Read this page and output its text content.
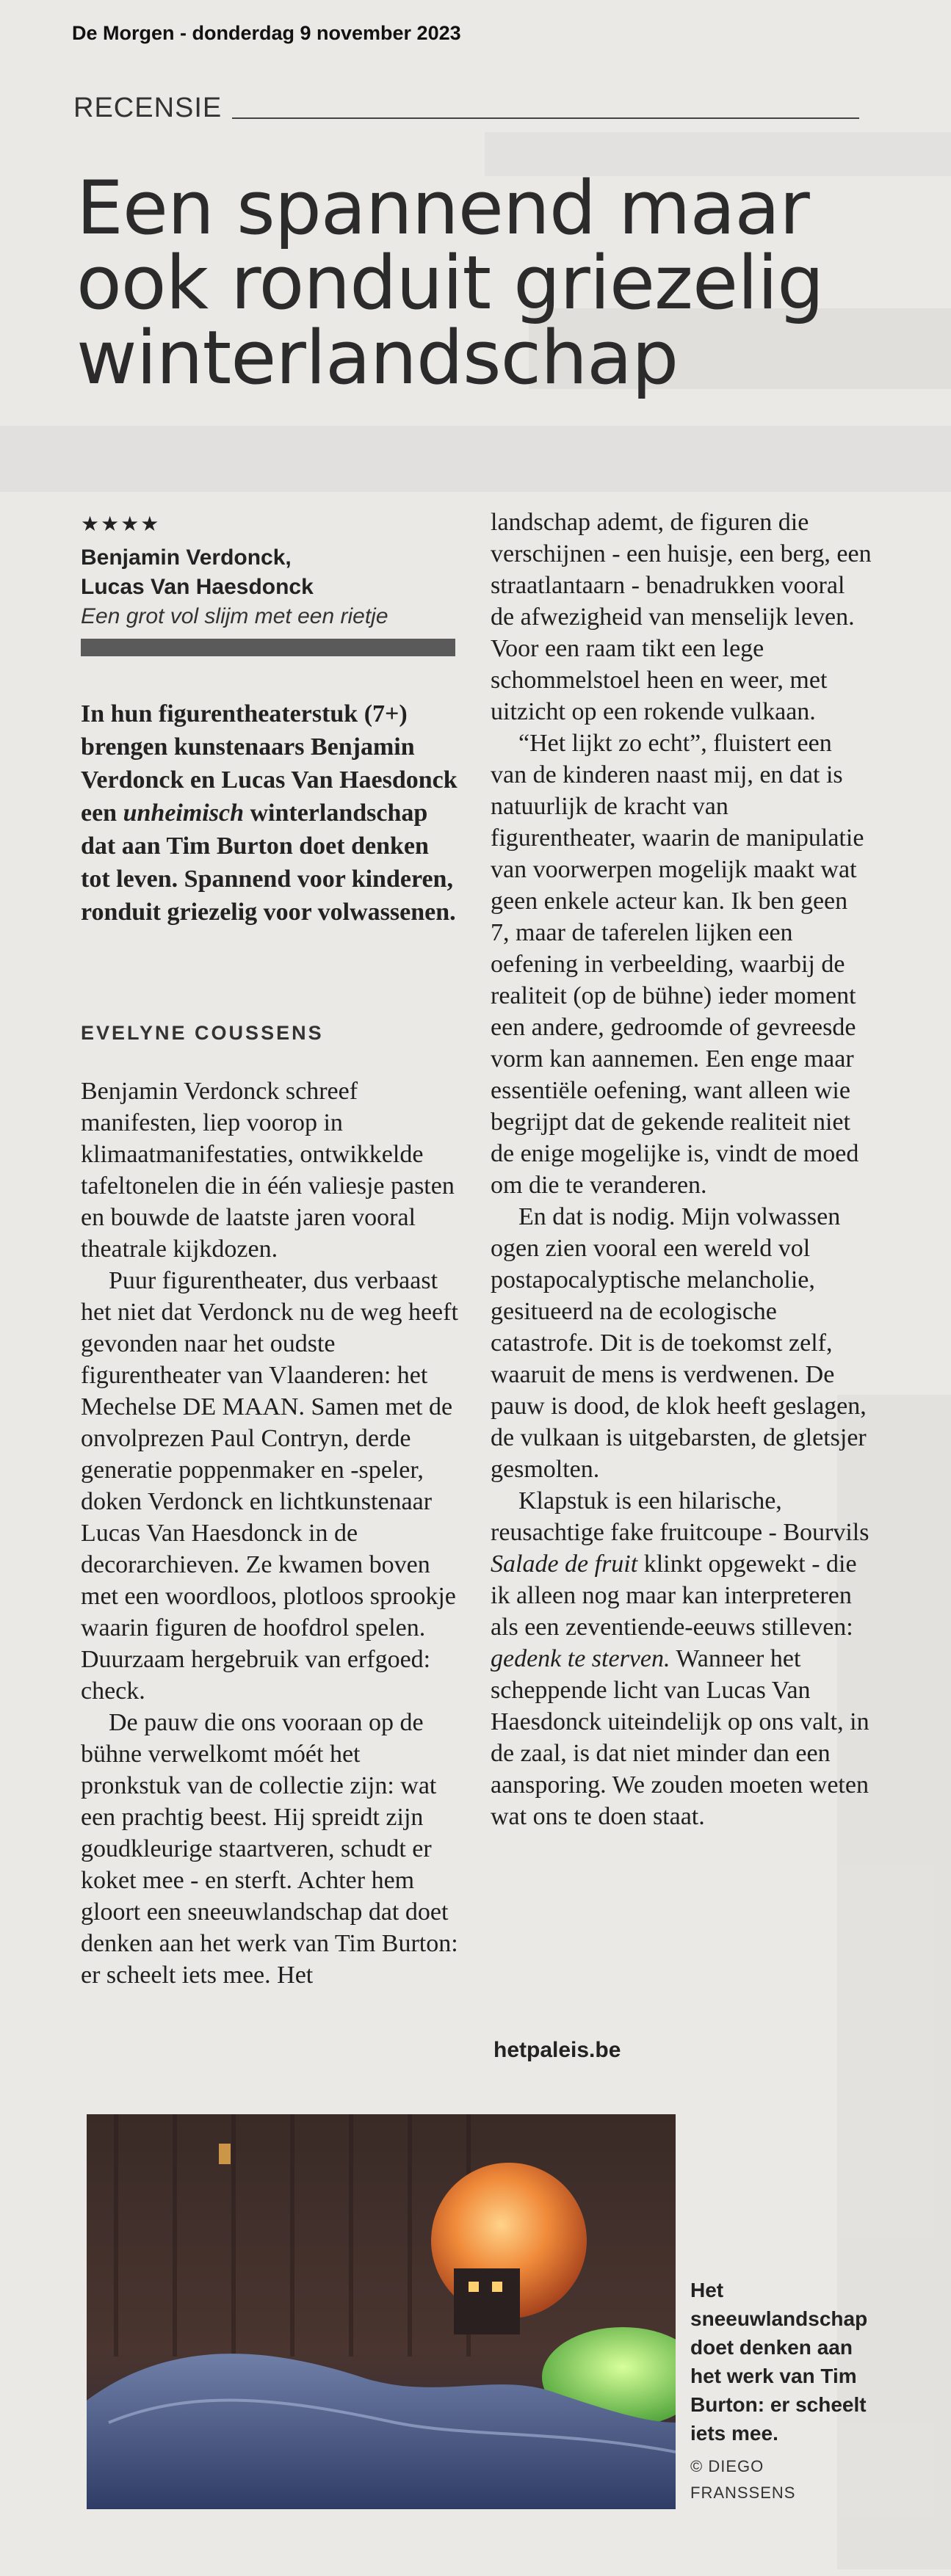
De Morgen - donderdag 9 november 2023
RECENSIE
Een spannend maar ook ronduit griezelig winterlandschap
★★★★
Benjamin Verdonck,
Lucas Van Haesdonck
Een grot vol slijm met een rietje
In hun figurentheaterstuk (7+) brengen kunstenaars Benjamin Verdonck en Lucas Van Haesdonck een unheimisch winterlandschap dat aan Tim Burton doet denken tot leven. Spannend voor kinderen, ronduit griezelig voor volwassenen.
EVELYNE COUSSENS

Benjamin Verdonck schreef manifesten, liep voorop in klimaatmanifestaties, ontwikkelde tafeltonelen die in één valiesje pasten en bouwde de laatste jaren vooral theatrale kijkdozen.

Puur figurentheater, dus verbaast het niet dat Verdonck nu de weg heeft gevonden naar het oudste figurentheater van Vlaanderen: het Mechelse DE MAAN. Samen met de onvolprezen Paul Contryn, derde generatie poppenmaker en -speler, doken Verdonck en lichtkunstenaar Lucas Van Haesdonck in de decorarchieven. Ze kwamen boven met een woordloos, plotloos sprookje waarin figuren de hoofdrol spelen. Duurzaam hergebruik van erfgoed: check.

De pauw die ons vooraan op de bühne verwelkomt móét het pronkstuk van de collectie zijn: wat een prachtig beest. Hij spreidt zijn goudkleurige staartveren, schudt er koket mee - en sterft. Achter hem gloort een sneeuwlandschap dat doet denken aan het werk van Tim Burton: er scheelt iets mee. Het

landschap ademt, de figuren die verschijnen - een huisje, een berg, een straatlantaarn - benadrukken vooral de afwezigheid van menselijk leven. Voor een raam tikt een lege schommelstoel heen en weer, met uitzicht op een rokende vulkaan.

“Het lijkt zo echt”, fluistert een van de kinderen naast mij, en dat is natuurlijk de kracht van figurentheater, waarin de manipulatie van voorwerpen mogelijk maakt wat geen enkele acteur kan. Ik ben geen 7, maar de taferelen lijken een oefening in verbeelding, waarbij de realiteit (op de bühne) ieder moment een andere, gedroomde of gevreesde vorm kan aannemen. Een enge maar essentiële oefening, want alleen wie begrijpt dat de gekende realiteit niet de enige mogelijke is, vindt de moed om die te veranderen.

En dat is nodig. Mijn volwassen ogen zien vooral een wereld vol postapocalyptische melancholie, gesitueerd na de ecologische catastrofe. Dit is de toekomst zelf, waaruit de mens is verdwenen. De pauw is dood, de klok heeft geslagen, de vulkaan is uitgebarsten, de gletsjer gesmolten.

Klapstuk is een hilarische, reusachtige fake fruitcoupe - Bourvils Salade de fruit klinkt opgewekt - die ik alleen nog maar kan interpreteren als een zeventiende-eeuws stilleven: gedenk te sterven. Wanneer het scheppende licht van Lucas Van Haesdonck uiteindelijk op ons valt, in de zaal, is dat niet minder dan een aansporing. We zouden moeten weten wat ons te doen staat.

hetpaleis.be
Het sneeuwlandschap doet denken aan het werk van Tim Burton: er scheelt iets mee.
© DIEGO FRANSSENS
